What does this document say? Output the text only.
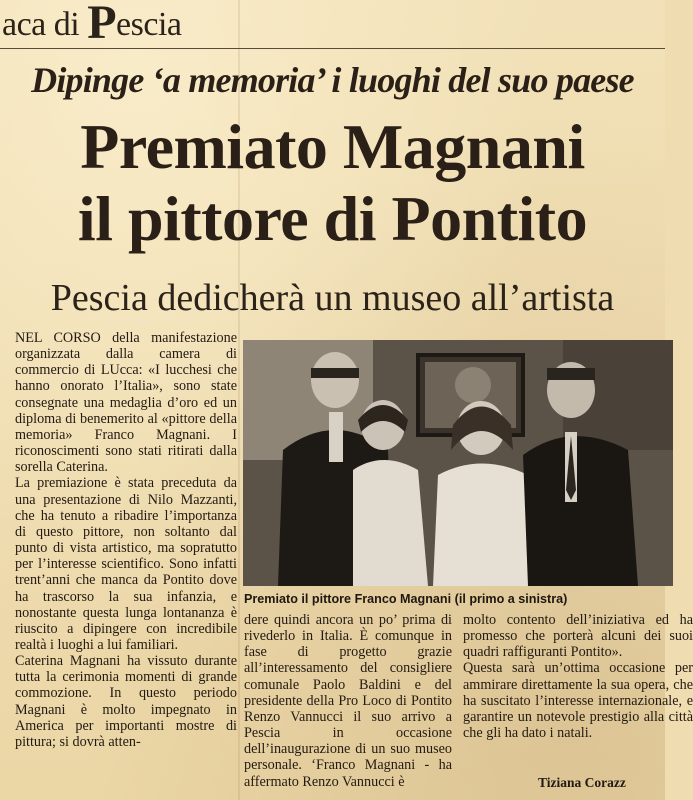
aca di Pescia
Dipinge ‘a memoria’ i luoghi del suo paese
Premiato Magnani
il pittore di Pontito
Pescia dedicherà un museo all’artista

NEL CORSO della manifestazione organizzata dalla camera di commercio di LUcca: «I lucchesi che hanno onorato l’Italia», sono state consegnate una medaglia d’oro ed un diploma di benemerito al «pittore della memoria» Franco Magnani. I riconoscimenti sono stati ritirati dalla sorella Caterina.

La premiazione è stata preceduta da una presentazione di Nilo Mazzanti, che ha tenuto a ribadire l’importanza di questo pittore, non soltanto dal punto di vista artistico, ma sopratutto per l’interesse scientifico. Sono infatti trent’anni che manca da Pontito dove ha trascorso la sua infanzia, e nonostante questa lunga lontananza è riuscito a dipingere con incredibile realtà i luoghi a lui familiari.

Caterina Magnani ha vissuto durante tutta la cerimonia momenti di grande commozione. In questo periodo Magnani è molto impegnato in America per importanti mostre di pittura; si dovrà atten-

Premiato il pittore Franco Magnani (il primo a sinistra)

dere quindi ancora un po’ prima di rivederlo in Italia. È comunque in fase di progetto grazie all’interessamento del consigliere comunale Paolo Baldini e del presidente della Pro Loco di Pontito Renzo Vannucci il suo arrivo a Pescia in occasione dell’inaugurazione di un suo museo personale. ‘Franco Magnani - ha affermato Renzo Vannucci è

molto contento dell’iniziativa ed ha promesso che porterà alcuni dei suoi quadri raffiguranti Pontito».

Questa sarà un’ottima occasione per ammirare direttamente la sua opera, che ha suscitato l’interesse internazionale, e garantire un notevole prestigio alla città che gli ha dato i natali.

Tiziana Corazz
